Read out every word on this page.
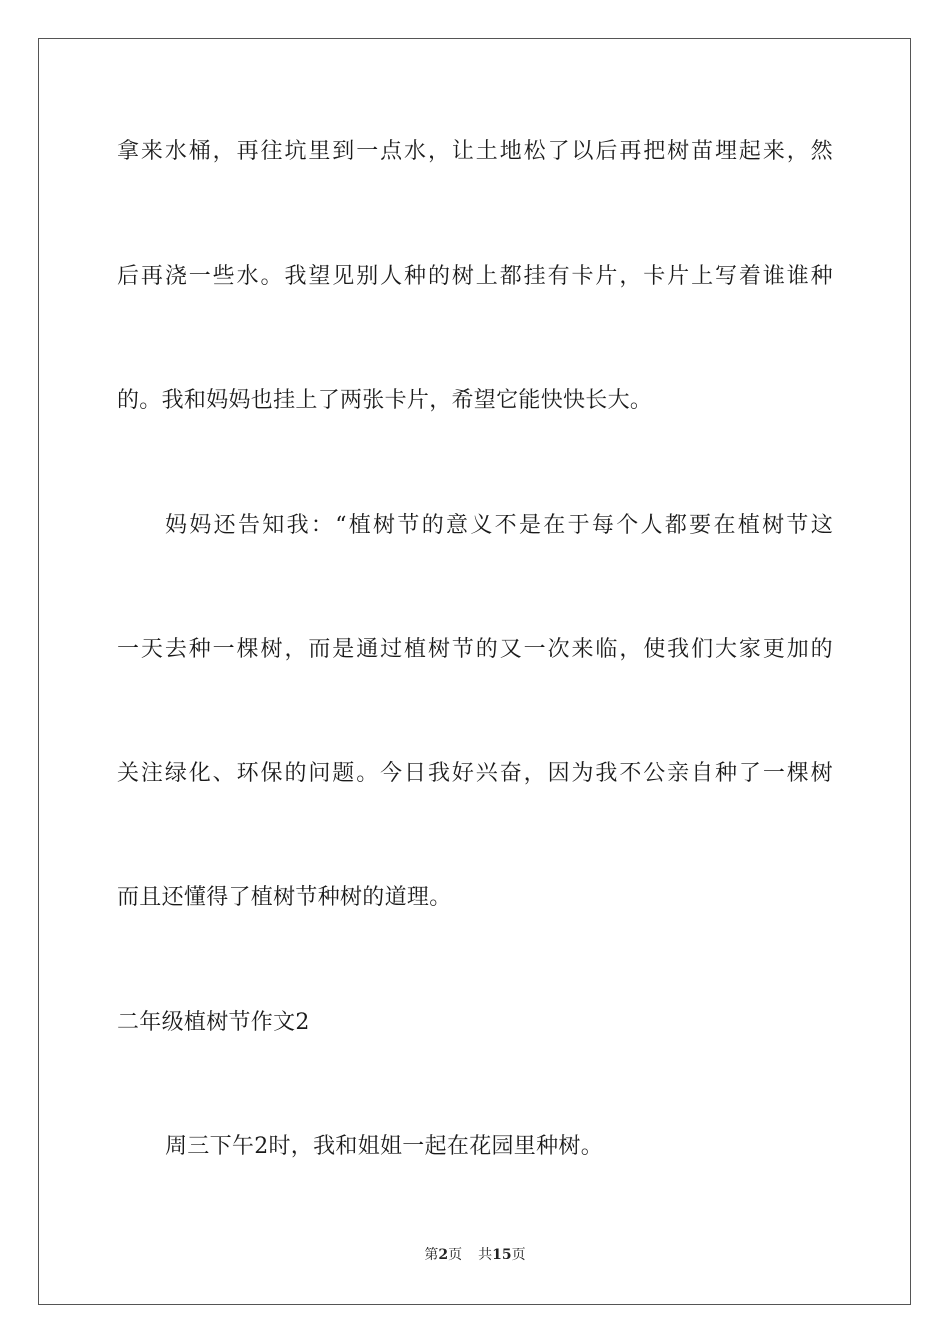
拿来水桶，再往坑里到一点水，让土地松了以后再把树苗埋起来，然
后再浇一些水。我望见别人种的树上都挂有卡片，卡片上写着谁谁种
的。我和妈妈也挂上了两张卡片，希望它能快快长大。
妈妈还告知我：“植树节的意义不是在于每个人都要在植树节这
一天去种一棵树，而是通过植树节的又一次来临，使我们大家更加的
关注绿化、环保的问题。今日我好兴奋，因为我不公亲自种了一棵树
而且还懂得了植树节种树的道理。
二年级植树节作文2
周三下午2时，我和姐姐一起在花园里种树。
第2页 共15页
